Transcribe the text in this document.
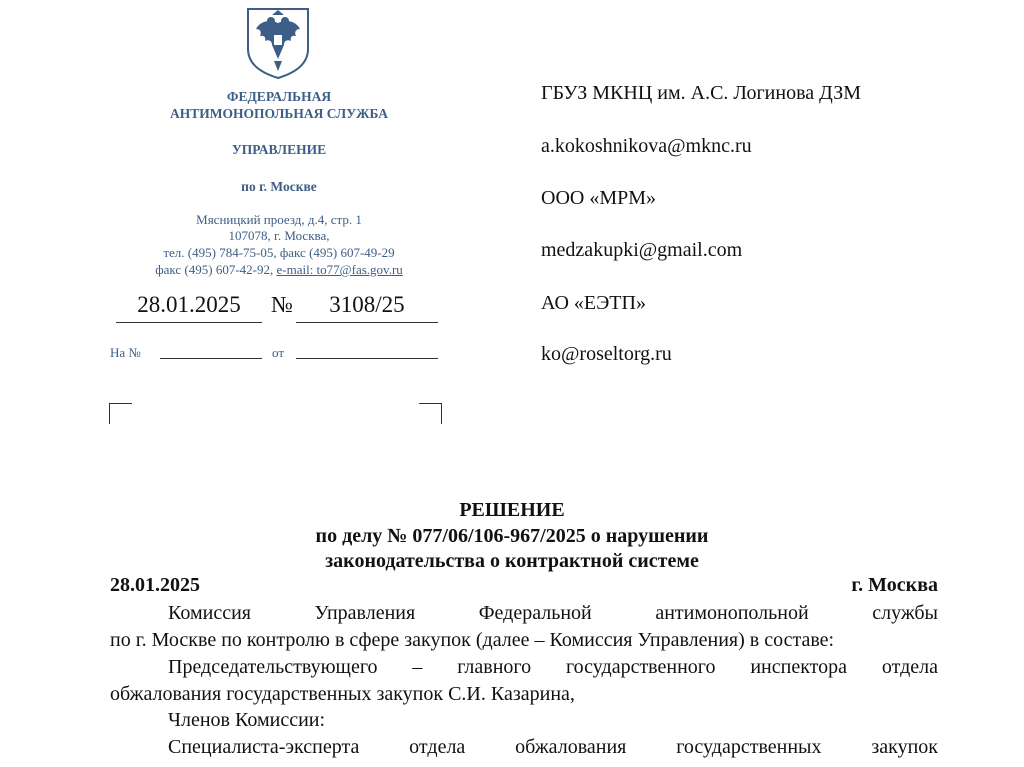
ФЕДЕРАЛЬНАЯ
АНТИМОНОПОЛЬНАЯ СЛУЖБА
УПРАВЛЕНИЕ
по г. Москве
Мясницкий проезд, д.4, стр. 1
107078, г. Москва,
тел. (495) 784-75-05, факс (495) 607-49-29
факс (495) 607-42-92, e-mail: to77@fas.gov.ru
28.01.2025	№	3108/25
На №	от
ГБУЗ МКНЦ им. А.С. Логинова ДЗМ
a.kokoshnikova@mknc.ru
ООО «МРМ»
medzakupki@gmail.com
АО «ЕЭТП»
ko@roseltorg.ru
РЕШЕНИЕ
по делу № 077/06/106-967/2025 о нарушении
законодательства о контрактной системе
28.01.2025	г. Москва
Комиссия Управления Федеральной антимонопольной службы
по г. Москве по контролю в сфере закупок (далее – Комиссия Управления) в составе:
Председательствующего – главного государственного инспектора отдела
обжалования государственных закупок С.И. Казарина,
Членов Комиссии:
Специалиста-эксперта отдела обжалования государственных закупок
